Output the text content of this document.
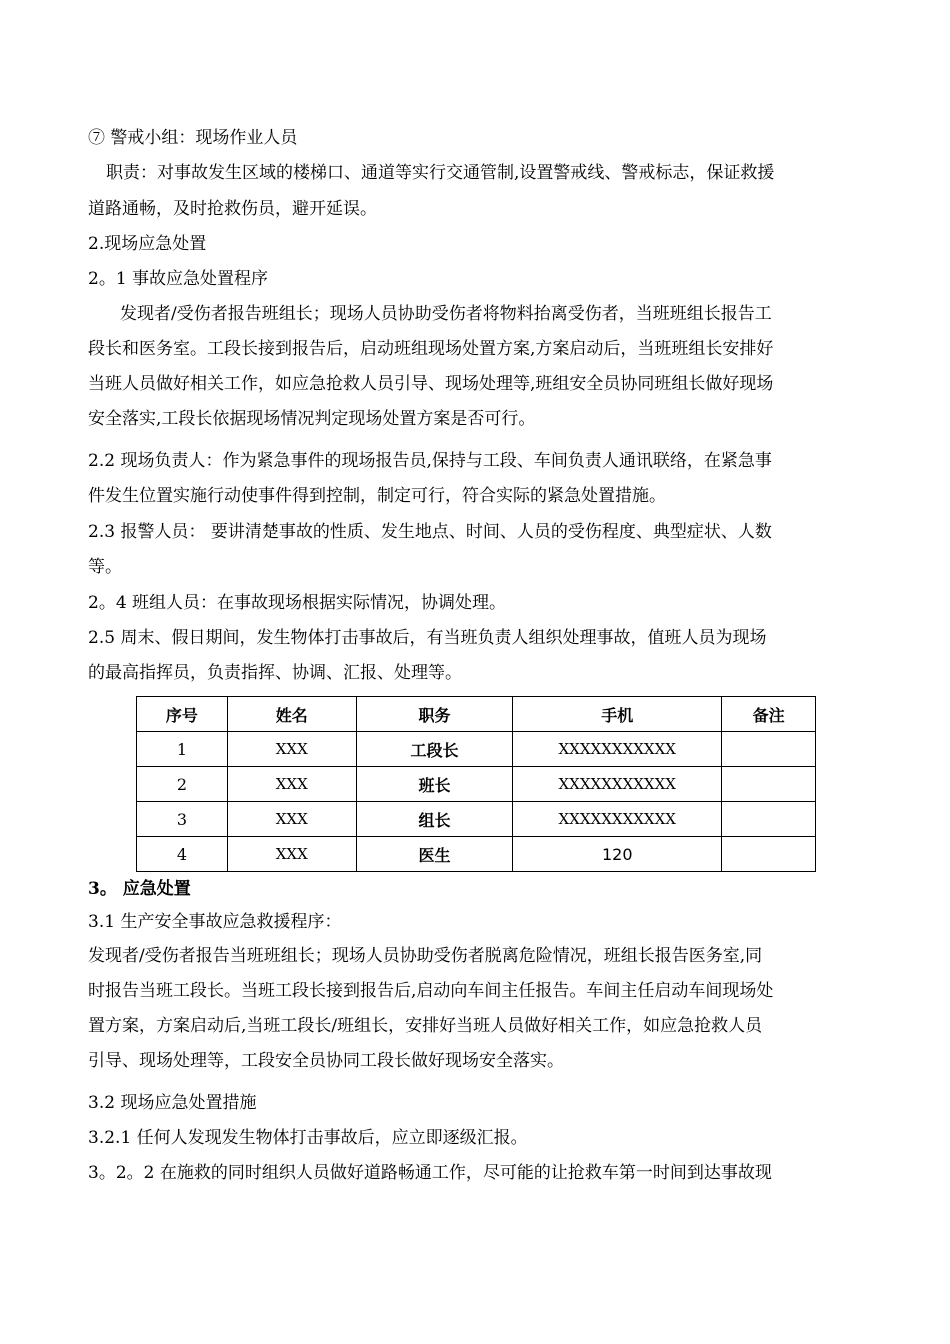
⑦ 警戒小组：现场作业人员
职责：对事故发生区域的楼梯口、通道等实行交通管制,设置警戒线、警戒标志，保证救援
道路通畅，及时抢救伤员，避开延误。
2.现场应急处置
2。1 事故应急处置程序
发现者/受伤者报告班组长；现场人员协助受伤者将物料抬离受伤者，当班班组长报告工
段长和医务室。工段长接到报告后，启动班组现场处置方案,方案启动后，当班班组长安排好
当班人员做好相关工作，如应急抢救人员引导、现场处理等,班组安全员协同班组长做好现场
安全落实,工段长依据现场情况判定现场处置方案是否可行。
2.2 现场负责人：作为紧急事件的现场报告员,保持与工段、车间负责人通讯联络，在紧急事
件发生位置实施行动使事件得到控制，制定可行，符合实际的紧急处置措施。
2.3 报警人员： 要讲清楚事故的性质、发生地点、时间、人员的受伤程度、典型症状、人数
等。
2。4 班组人员：在事故现场根据实际情况，协调处理。
2.5 周末、假日期间，发生物体打击事故后，有当班负责人组织处理事故，值班人员为现场
的最高指挥员，负责指挥、协调、汇报、处理等。
序号	姓名	职务	手机	备注
1	XXX	工段长	XXXXXXXXXXX	
2	XXX	班长	XXXXXXXXXXX	
3	XXX	组长	XXXXXXXXXXX	
4	XXX	医生	120	
3。 应急处置
3.1 生产安全事故应急救援程序：
发现者/受伤者报告当班班组长；现场人员协助受伤者脱离危险情况，班组长报告医务室,同
时报告当班工段长。当班工段长接到报告后,启动向车间主任报告。车间主任启动车间现场处
置方案，方案启动后,当班工段长/班组长，安排好当班人员做好相关工作，如应急抢救人员
引导、现场处理等，工段安全员协同工段长做好现场安全落实。
3.2 现场应急处置措施
3.2.1 任何人发现发生物体打击事故后，应立即逐级汇报。
3。2。2 在施救的同时组织人员做好道路畅通工作，尽可能的让抢救车第一时间到达事故现
